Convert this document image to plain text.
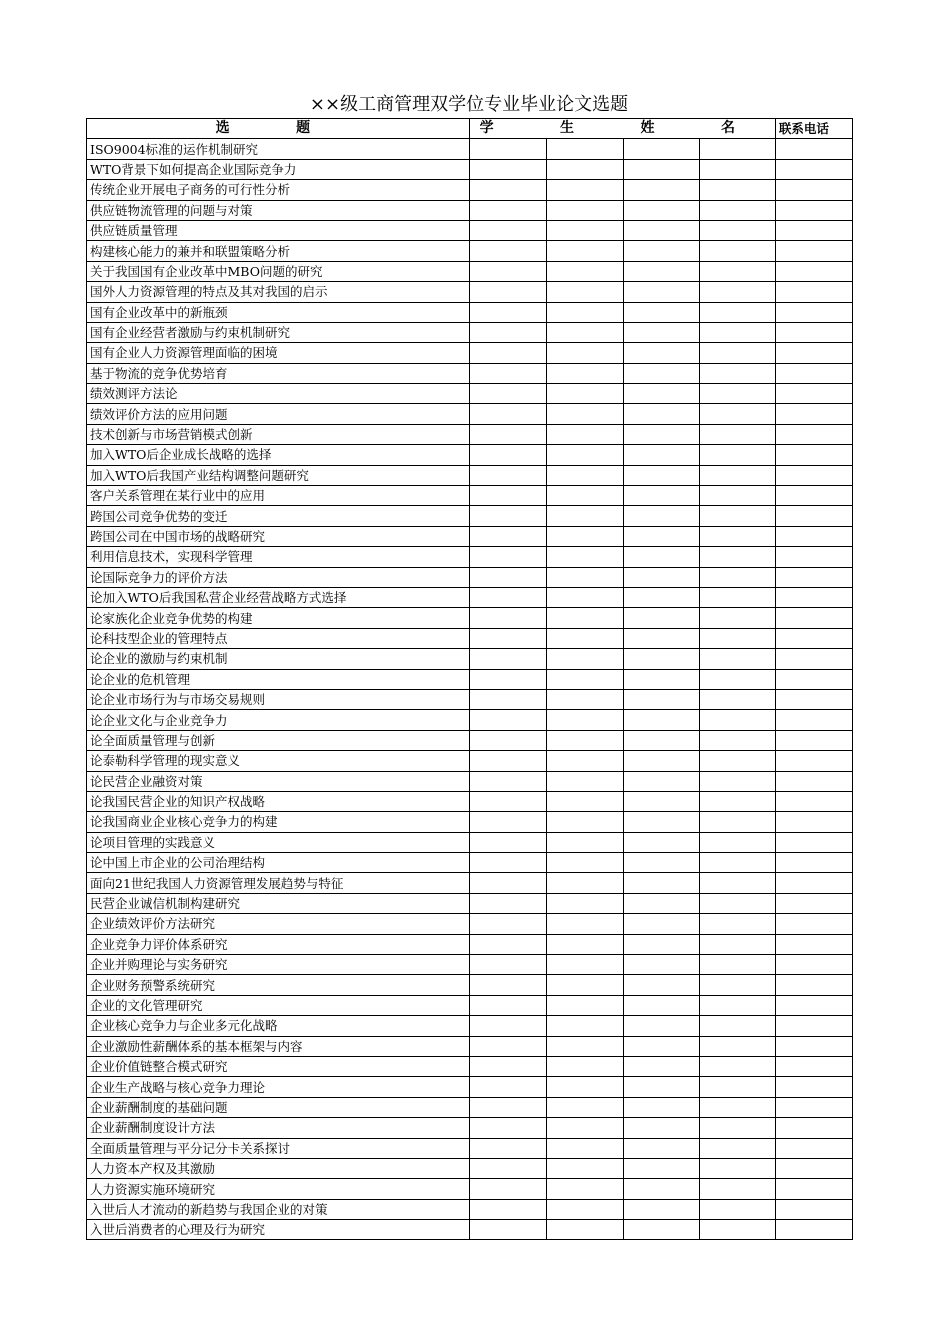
××级工商管理双学位专业毕业论文选题
选 题	学 生 姓 名				联系电话
ISO9004标准的运作机制研究					
WTO背景下如何提高企业国际竞争力					
传统企业开展电子商务的可行性分析					
供应链物流管理的问题与对策					
供应链质量管理					
构建核心能力的兼并和联盟策略分析					
关于我国国有企业改革中MBO问题的研究					
国外人力资源管理的特点及其对我国的启示					
国有企业改革中的新瓶颈					
国有企业经营者激励与约束机制研究					
国有企业人力资源管理面临的困境					
基于物流的竞争优势培育					
绩效测评方法论					
绩效评价方法的应用问题					
技术创新与市场营销模式创新					
加入WTO后企业成长战略的选择					
加入WTO后我国产业结构调整问题研究					
客户关系管理在某行业中的应用					
跨国公司竞争优势的变迁					
跨国公司在中国市场的战略研究					
利用信息技术，实现科学管理					
论国际竞争力的评价方法					
论加入WTO后我国私营企业经营战略方式选择					
论家族化企业竞争优势的构建					
论科技型企业的管理特点					
论企业的激励与约束机制					
论企业的危机管理					
论企业市场行为与市场交易规则					
论企业文化与企业竞争力					
论全面质量管理与创新					
论泰勒科学管理的现实意义					
论民营企业融资对策					
论我国民营企业的知识产权战略					
论我国商业企业核心竞争力的构建					
论项目管理的实践意义					
论中国上市企业的公司治理结构					
面向21世纪我国人力资源管理发展趋势与特征					
民营企业诚信机制构建研究					
企业绩效评价方法研究					
企业竞争力评价体系研究					
企业并购理论与实务研究					
企业财务预警系统研究					
企业的文化管理研究					
企业核心竞争力与企业多元化战略					
企业激励性薪酬体系的基本框架与内容					
企业价值链整合模式研究					
企业生产战略与核心竞争力理论					
企业薪酬制度的基础问题					
企业薪酬制度设计方法					
全面质量管理与平分记分卡关系探讨					
人力资本产权及其激励					
人力资源实施环境研究					
入世后人才流动的新趋势与我国企业的对策					
入世后消费者的心理及行为研究					
